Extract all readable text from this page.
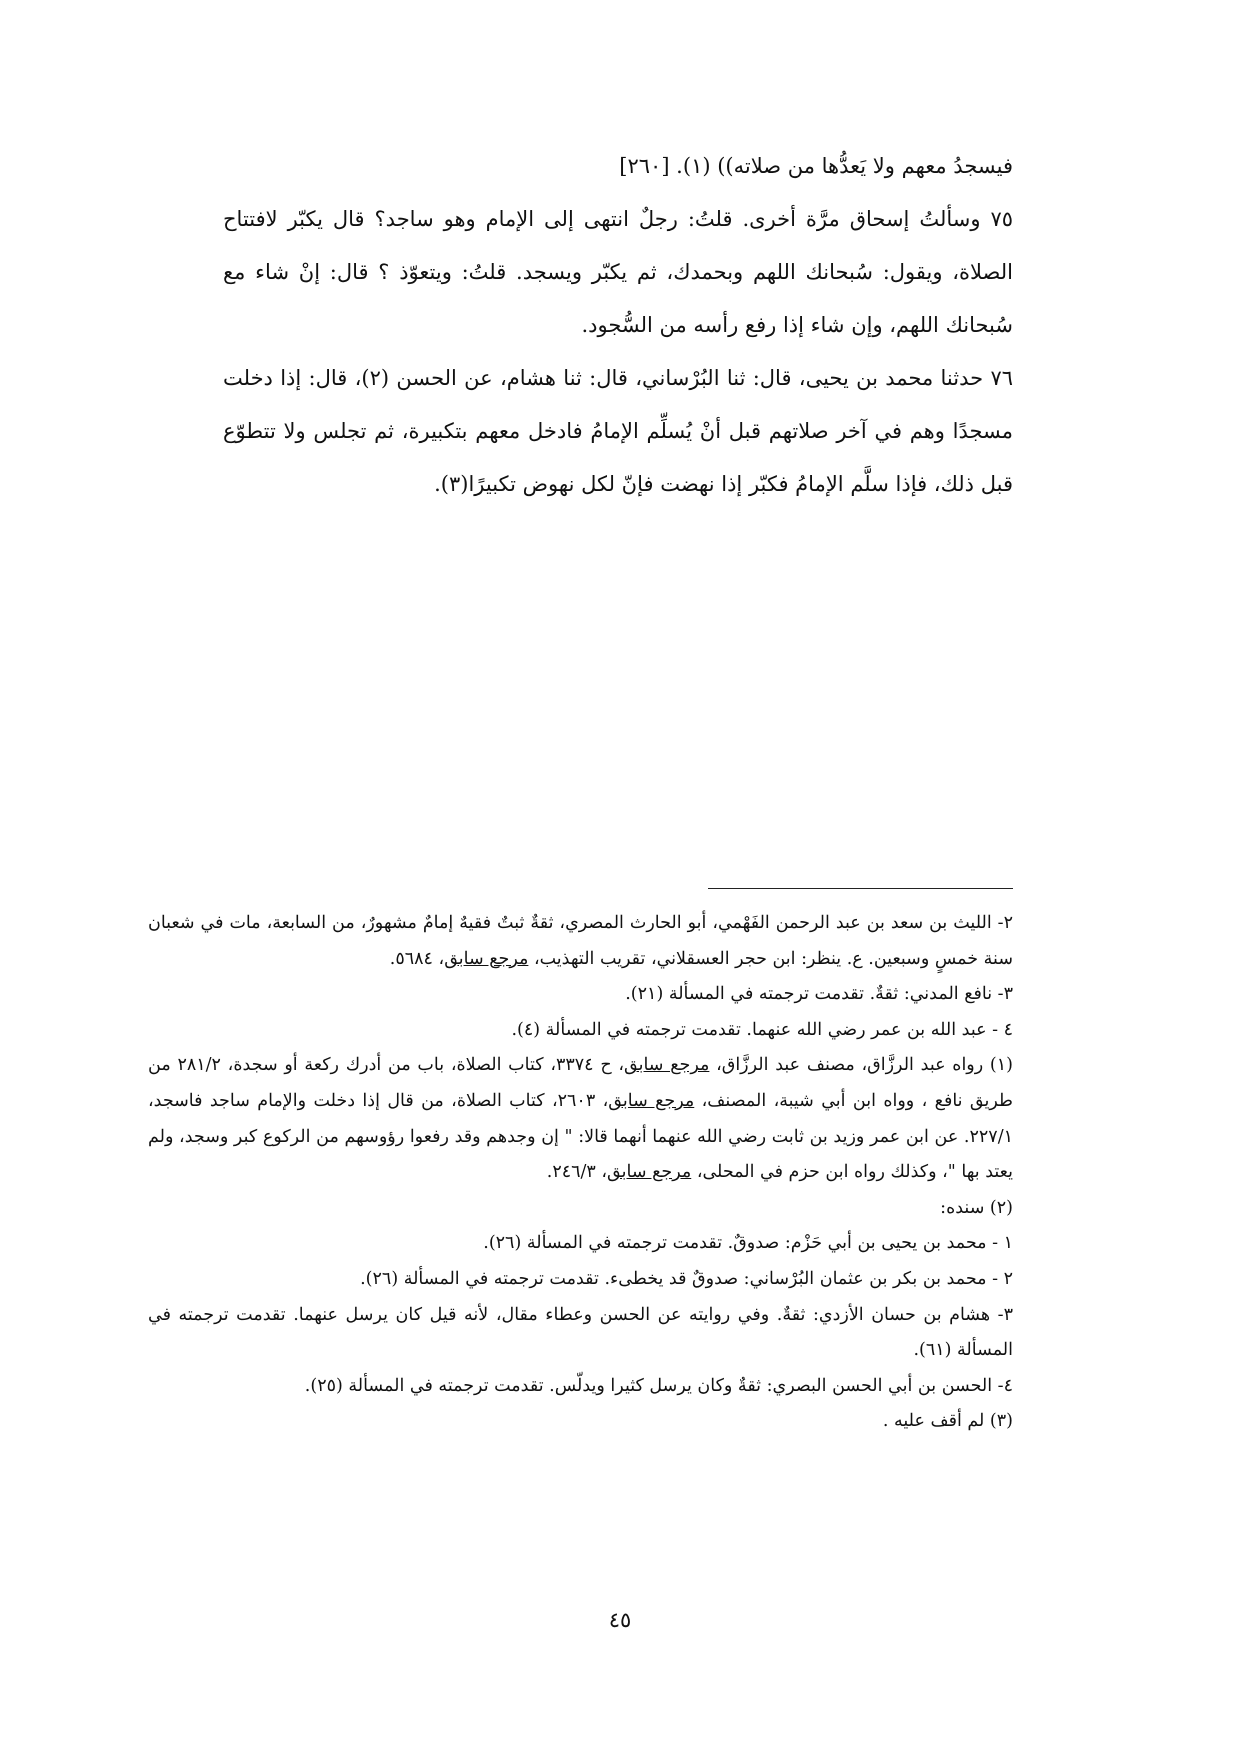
فيسجدُ معهم ولا يَعدُّها من صلاته)) (١). [٢٦٠]

٧٥ وسألتُ إسحاق مرَّة أخرى. قلتُ: رجلٌ انتهى إلى الإمام وهو ساجد؟ قال يكبّر لافتتاح الصلاة، ويقول: سُبحانك اللهم وبحمدك، ثم يكبّر ويسجد. قلتُ: ويتعوّذ ؟ قال: إنْ شاء مع سُبحانك اللهم، وإن شاء إذا رفع رأسه من السُّجود.

٧٦ حدثنا محمد بن يحيى، قال: ثنا البُرْساني، قال: ثنا هشام، عن الحسن (٢)، قال: إذا دخلت مسجدًا وهم في آخر صلاتهم قبل أنْ يُسلِّم الإمامُ فادخل معهم بتكبيرة، ثم تجلس ولا تتطوّع قبل ذلك، فإذا سلَّم الإمامُ فكبّر إذا نهضت فإنّ لكل نهوض تكبيرًا(٣).

٢- الليث بن سعد بن عبد الرحمن الفَهْمي، أبو الحارث المصري، ثقةٌ ثبتٌ فقيهٌ إمامٌ مشهورٌ، من السابعة، مات في شعبان سنة خمسٍ وسبعين. ع. ينظر: ابن حجر العسقلاني، تقريب التهذيب، مرجع سابق، ٥٦٨٤.

٣- نافع المدني: ثقةٌ. تقدمت ترجمته في المسألة (٢١).

٤ - عبد الله بن عمر رضي الله عنهما. تقدمت ترجمته في المسألة (٤).

(١) رواه عبد الرزَّاق، مصنف عبد الرزَّاق، مرجع سابق، ح ٣٣٧٤، كتاب الصلاة، باب من أدرك ركعة أو سجدة، ٢٨١/٢ من طريق نافع ، وواه ابن أبي شيبة، المصنف، مرجع سابق، ٢٦٠٣، كتاب الصلاة، من قال إذا دخلت والإمام ساجد فاسجد، ٢٢٧/١. عن ابن عمر وزيد بن ثابت رضي الله عنهما أنهما قالا: " إن وجدهم وقد رفعوا رؤوسهم من الركوع كبر وسجد، ولم يعتد بها "، وكذلك رواه ابن حزم في المحلى، مرجع سابق، ٢٤٦/٣.

(٢) سنده:

١ - محمد بن يحيى بن أبي حَزْم: صدوقٌ. تقدمت ترجمته في المسألة (٢٦).

٢ - محمد بن بكر بن عثمان البُرْساني: صدوقٌ قد يخطىء. تقدمت ترجمته في المسألة (٢٦).

٣- هشام بن حسان الأزدي: ثقةٌ. وفي روايته عن الحسن وعطاء مقال، لأنه قيل كان يرسل عنهما. تقدمت ترجمته في المسألة (٦١).

٤- الحسن بن أبي الحسن البصري: ثقةٌ وكان يرسل كثيرا ويدلّس. تقدمت ترجمته في المسألة (٢٥).

(٣) لم أقف عليه .

٤٥
